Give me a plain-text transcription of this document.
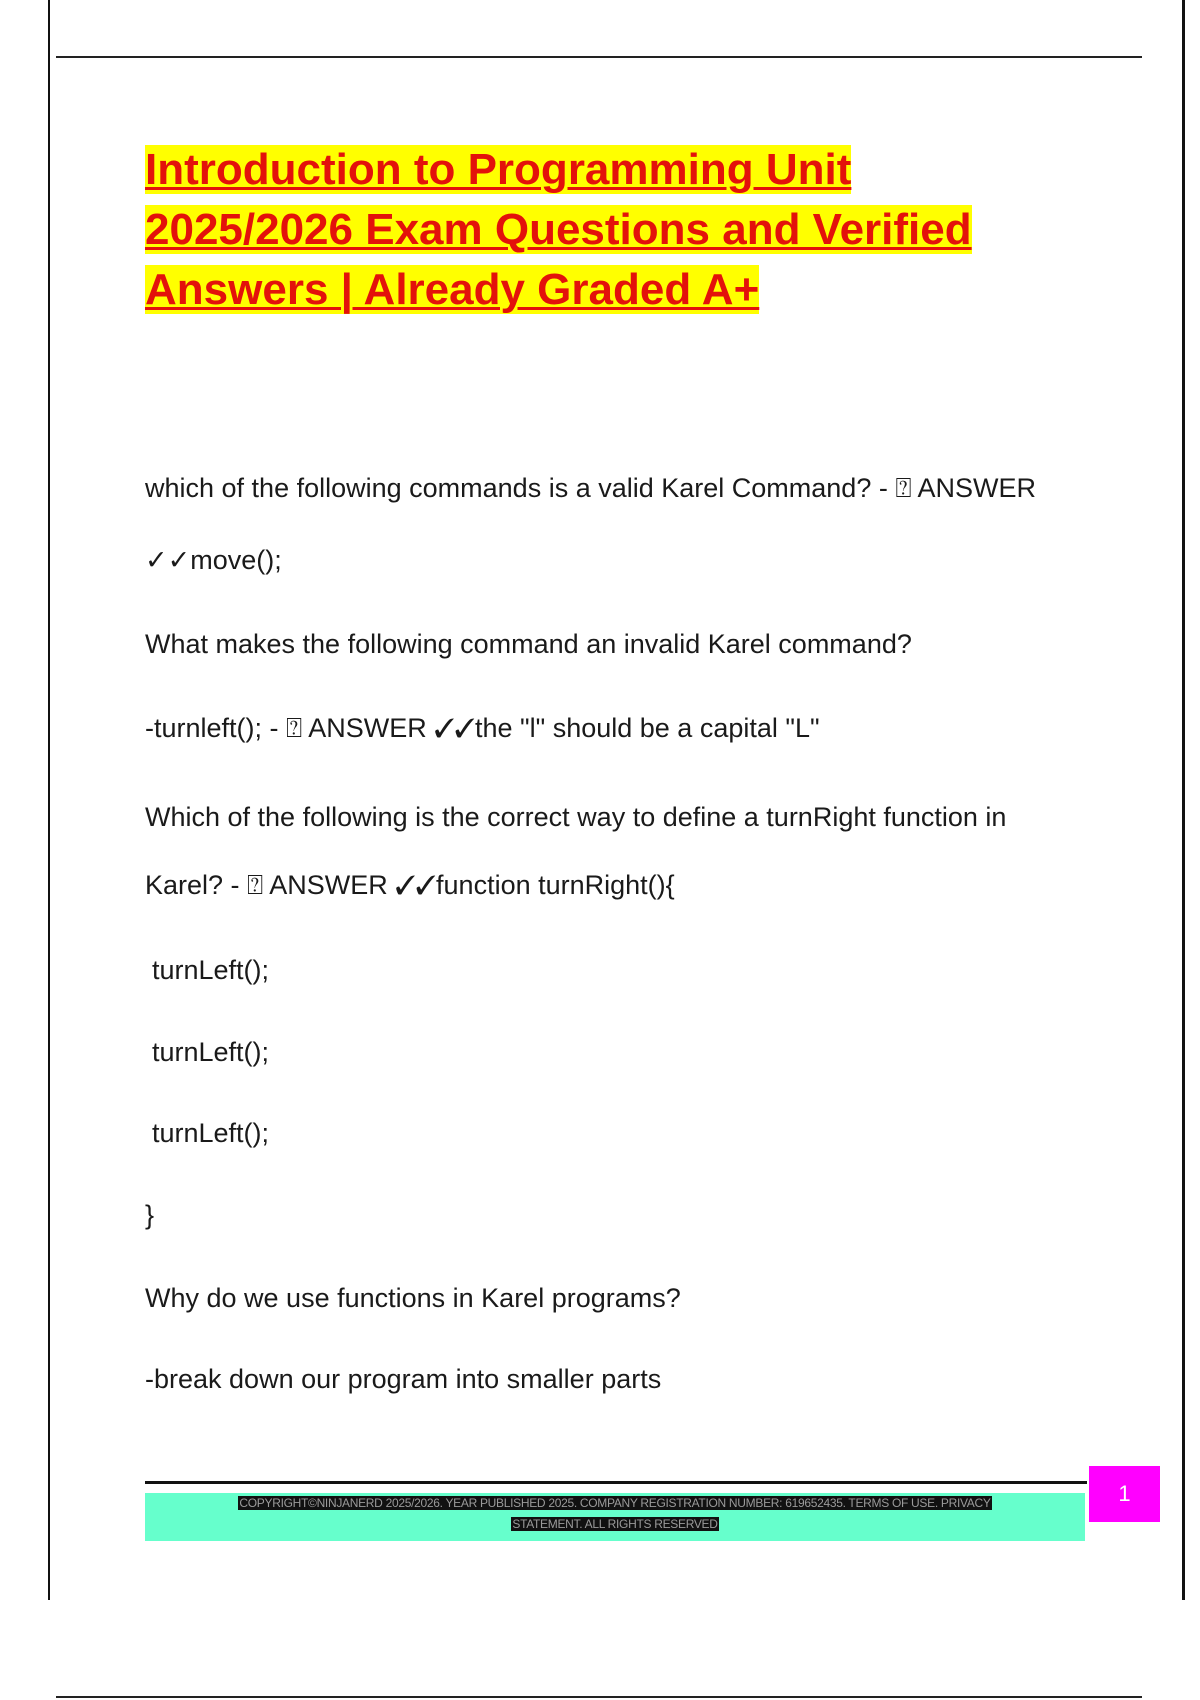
Introduction to Programming Unit
2025/2026 Exam Questions and Verified
Answers | Already Graded A+
which of the following commands is a valid Karel Command? - ⍰ ANSWER
✓✓move();
What makes the following command an invalid Karel command?
-turnleft(); - ⍰ ANSWER ✓✓the "l" should be a capital "L"
Which of the following is the correct way to define a turnRight function in
Karel? - ⍰ ANSWER ✓✓function turnRight(){
turnLeft();
turnLeft();
turnLeft();
}
Why do we use functions in Karel programs?
-break down our program into smaller parts
COPYRIGHT©NINJANERD 2025/2026. YEAR PUBLISHED 2025. COMPANY REGISTRATION NUMBER: 619652435. TERMS OF USE. PRIVACY
STATEMENT. ALL RIGHTS RESERVED
1
